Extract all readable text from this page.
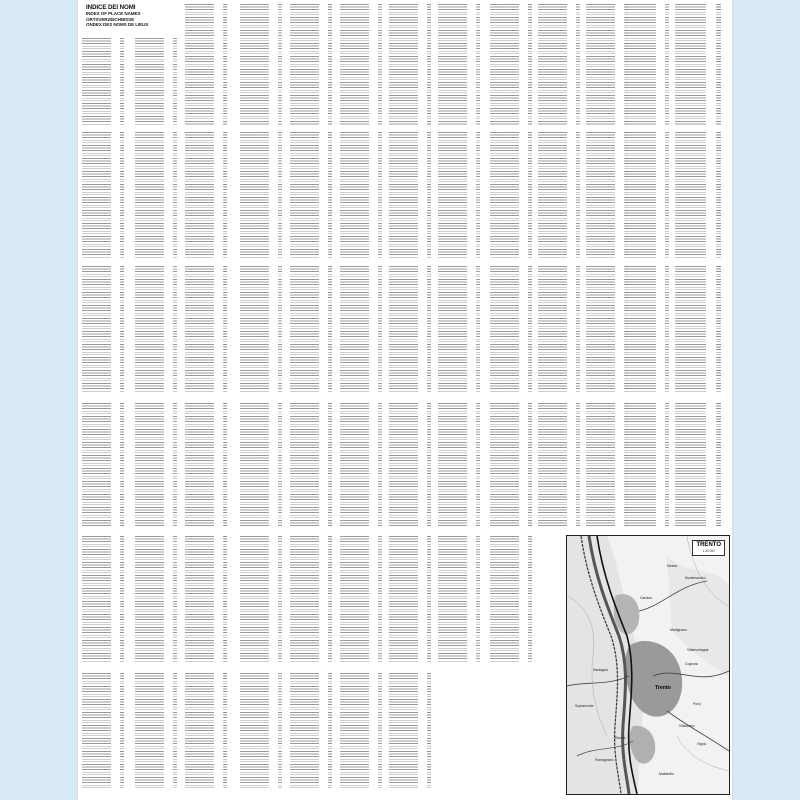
INDICE DEI NOMI
INDEX OF PLACE NAMES
ORTSVERZEICHNISSE
ONDEX DES NOMS DE LIEUX
TRENTO
1:30.000
Trento
Gardolo
Meano
Montevaccino
Martignano
Villamontagna
Cognola
Sardagna
Povo
Villazzano
Mattarello
Ravina
Romagnano
Sopramonte
Vigolo
